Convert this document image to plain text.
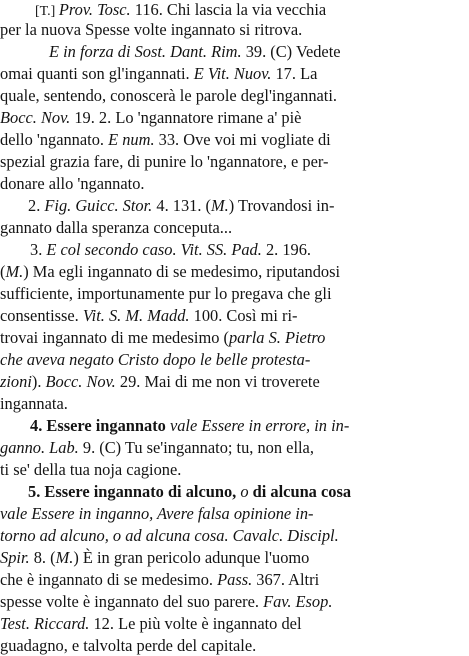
[T.] Prov. Tosc. 116. Chi lascia la via vecchia
per la nuova Spesse volte ingannato si ritrova.
E in forza di Sost. Dant. Rim. 39. (C) Vedete
omai quanti son gl'ingannati. E Vit. Nuov. 17. La
quale, sentendo, conoscerà le parole degl'ingannati.
Bocc. Nov. 19. 2. Lo 'ngannatore rimane a' piè
dello 'ngannato. E num. 33. Ove voi mi vogliate di
spezial grazia fare, di punire lo 'ngannatore, e per-
donare allo 'ngannato.
2. Fig. Guicc. Stor. 4. 131. (M.) Trovandosi in-
gannato dalla speranza conceputa...
3. E col secondo caso. Vit. SS. Pad. 2. 196.
(M.) Ma egli ingannato di se medesimo, riputandosi
sufficiente, importunamente pur lo pregava che gli
consentisse. Vit. S. M. Madd. 100. Così mi ri-
trovai ingannato di me medesimo (parla S. Pietro
che aveva negato Cristo dopo le belle protesta-
zioni). Bocc. Nov. 29. Mai di me non vi troverete
ingannata.
4. Essere ingannato vale Essere in errore, in in-
ganno. Lab. 9. (C) Tu se'ingannato; tu, non ella,
ti se' della tua noja cagione.
5. Essere ingannato di alcuno, o di alcuna cosa
vale Essere in inganno, Avere falsa opinione in-
torno ad alcuno, o ad alcuna cosa. Cavalc. Discipl.
Spir. 8. (M.) È in gran pericolo adunque l'uomo
che è ingannato di se medesimo. Pass. 367. Altri
spesse volte è ingannato del suo parere. Fav. Esop.
Test. Riccard. 12. Le più volte è ingannato del
guadagno, e talvolta perde del capitale.
